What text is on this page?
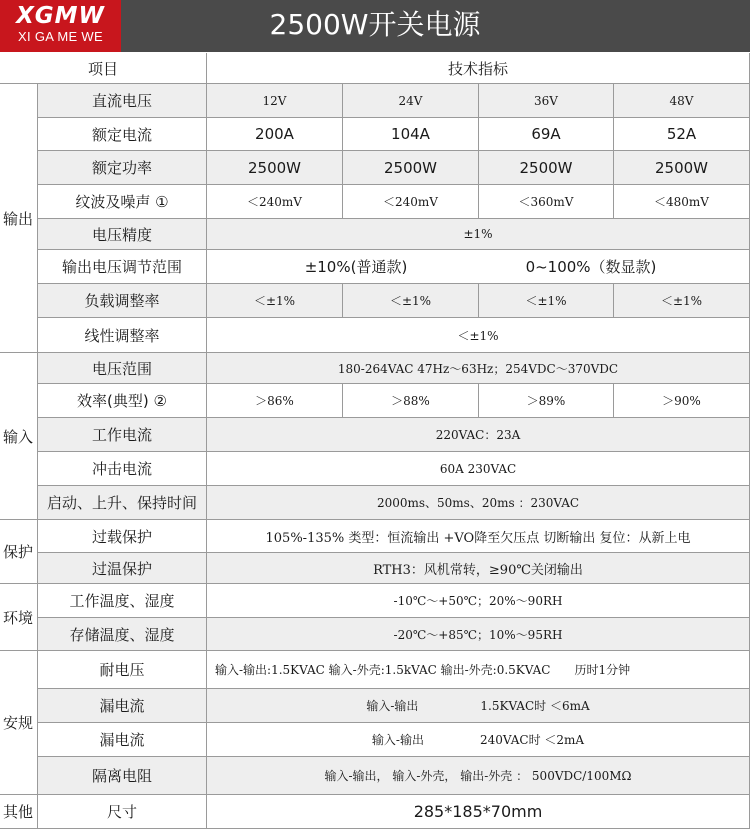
XGMW
XI GA ME WE	2500W开关电源
项目	技术指标
输出
直流电压	12V	24V	36V	48V
额定电流	200A	104A	69A	52A
额定功率	2500W	2500W	2500W	2500W
纹波及噪声 ①	＜240mV	＜240mV	＜360mV	＜480mV
电压精度	±1%
输出电压调节范围	±10%(普通款)	0~100%（数显款)
负载调整率	＜±1%	＜±1%	＜±1%	＜±1%
线性调整率	＜±1%
输入
电压范围	180-264VAC 47Hz～63Hz；254VDC～370VDC
效率(典型) ②	＞86%	＞88%	＞89%	＞90%
工作电流	220VAC：23A
冲击电流	60A 230VAC
启动、上升、保持时间	2000ms、50ms、20ms ：230VAC
保护
过载保护	105%-135% 类型：恒流输出 +VO降至欠压点 切断输出 复位：从新上电
过温保护	RTH3：风机常转，≥90℃关闭输出
环境
工作温度、湿度	-10℃～+50℃；20%～90RH
存储温度、湿度	-20℃～+85℃；10%～95RH
安规
耐电压	输入-输出:1.5KVAC 输入-外壳:1.5kVAC 输出-外壳:0.5KVAC 历时1分钟
漏电流	输入-输出	1.5KVAC时 ＜6mA
漏电流	输入-输出	240VAC时 ＜2mA
隔离电阻	输入-输出， 输入-外壳， 输出-外壳 ： 500VDC/100MΩ
其他	尺寸	285*185*70mm
